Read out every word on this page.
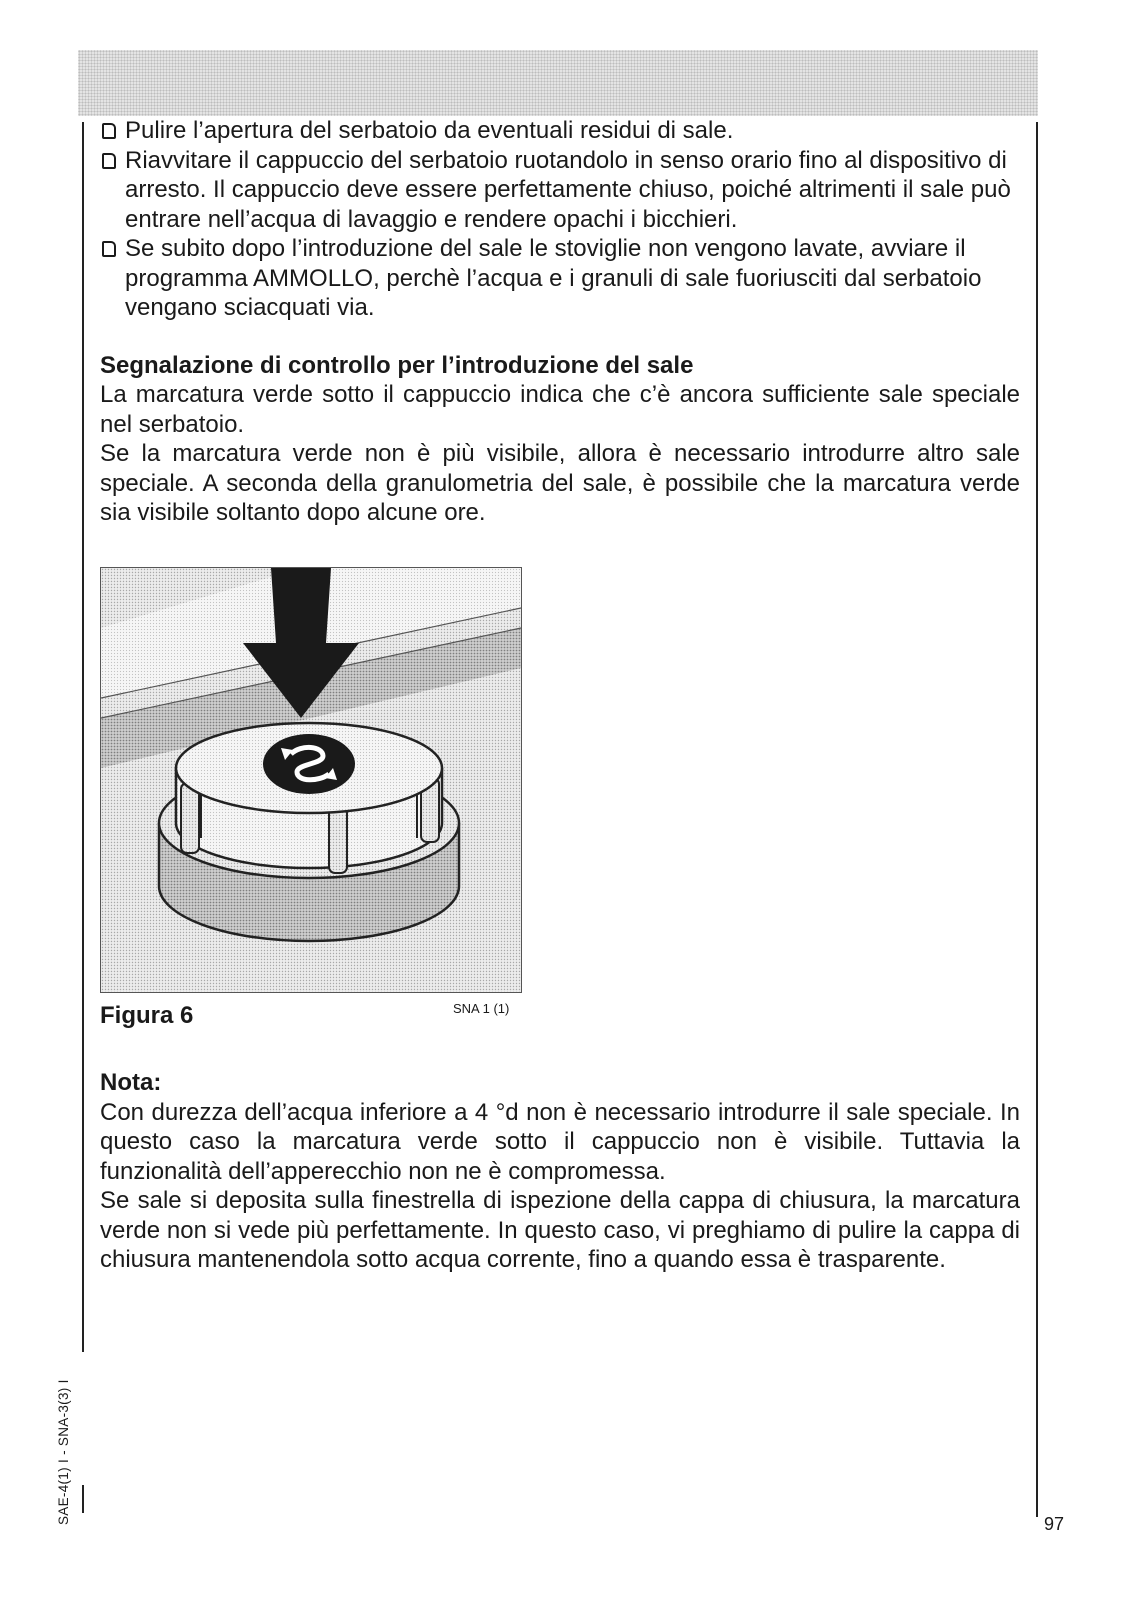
Pulire l’apertura del serbatoio da eventuali residui di sale.
Riavvitare il cappuccio del serbatoio ruotandolo in senso orario fino al dispositivo di arresto. Il cappuccio deve essere perfettamente chiuso, poiché altrimenti il sale può entrare nell’acqua di lavaggio e rendere opachi i bicchieri.
Se subito dopo l’introduzione del sale le stoviglie non vengono lavate, avviare il programma AMMOLLO, perchè l’acqua e i granuli di sale fuoriusciti dal serbatoio vengano sciacquati via.
Segnalazione di controllo per l’introduzione del sale

La marcatura verde sotto il cappuccio indica che c’è ancora sufficiente sale speciale nel serbatoio.

Se la marcatura verde non è più visibile, allora è necessario introdurre altro sale speciale. A seconda della granulometria del sale, è possibile che la marcatura verde sia visibile soltanto dopo alcune ore.

Figura 6	SNA 1 (1)
Nota:

Con durezza dell’acqua inferiore a 4 °d non è necessario introdurre il sale speciale. In questo caso la marcatura verde sotto il cappuccio non è visibile. Tuttavia la funzionalità dell’apperecchio non ne è compromessa.

Se sale si deposita sulla finestrella di ispezione della cappa di chiusura, la marcatura verde non si vede più perfettamente. In questo caso, vi preghiamo di pulire la cappa di chiusura mantenendola sotto acqua corrente, fino a quando essa è trasparente.

SAE-4(1) I - SNA-3(3) I	97
